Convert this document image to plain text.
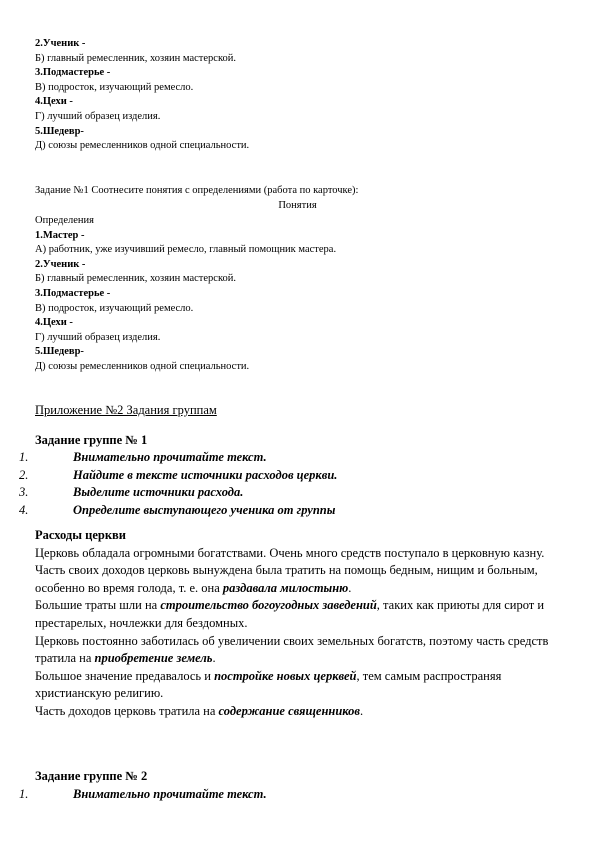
2.Ученик -
Б) главный ремесленник, хозяин мастерской.
3.Подмастерье -
В) подросток, изучающий ремесло.
4.Цехи -
Г) лучший образец изделия.
5.Шедевр-
Д) союзы ремесленников одной специальности.
Задание №1 Соотнесите понятия с определениями (работа по карточке):
Понятия
Определения
1.Мастер -
А) работник, уже изучивший ремесло, главный помощник мастера.
2.Ученик -
Б) главный ремесленник, хозяин мастерской.
3.Подмастерье -
В) подросток, изучающий ремесло.
4.Цехи -
Г) лучший образец изделия.
5.Шедевр-
Д) союзы ремесленников одной специальности.
Приложение №2 Задания группам
Задание группе № 1
1.	Внимательно прочитайте текст.
2.	Найдите в тексте источники расходов церкви.
3.	Выделите источники расхода.
4.	Определите выступающего ученика от группы
Расходы церкви
Церковь обладала огромными богатствами. Очень много средств поступало в церковную казну.
Часть своих доходов церковь вынуждена была тратить на помощь бедным, нищим и больным, особенно во время голода, т. е. она раздавала милостыню.
Большие траты шли на строительство богоугодных заведений, таких как приюты для сирот и престарелых, ночлежки для бездомных.
Церковь постоянно заботилась об увеличении своих земельных богатств, поэтому часть средств тратила на приобретение земель.
Большое значение предавалось и постройке новых церквей, тем самым распространяя христианскую религию.
Часть доходов церковь тратила на содержание священников.
Задание группе № 2
1.	Внимательно прочитайте текст.
